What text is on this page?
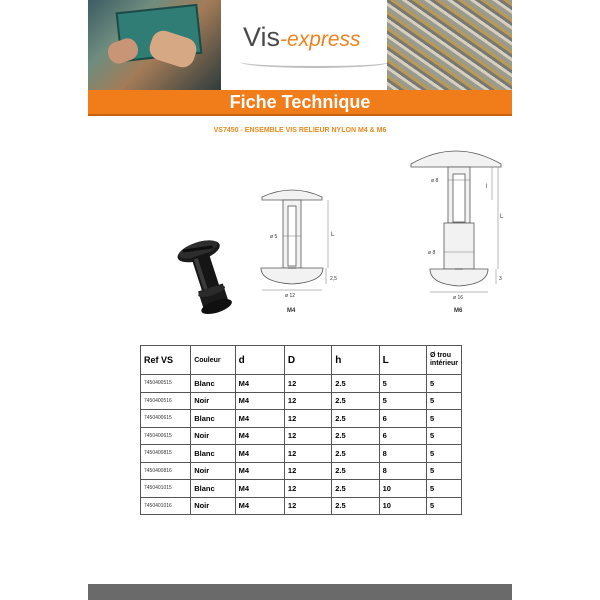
Vis-express
Fiche Technique
VS7450 - ENSEMBLE VIS RELIEUR NYLON M4 & M6
ø 5	L
2,5
ø 12
M4
ø 8
l
L
ø 8
3
ø 16
M6
Ref VS	Couleur	d	D	h	L	Ø trou
intérieur
7450400515	Blanc	M4	12	2.5	5	5
7450400516	Noir	M4	12	2.5	5	5
7450400615	Blanc	M4	12	2.5	6	5
7450400615	Noir	M4	12	2.5	6	5
7450400815	Blanc	M4	12	2.5	8	5
7450400816	Noir	M4	12	2.5	8	5
7450401015	Blanc	M4	12	2.5	10	5
7450401016	Noir	M4	12	2.5	10	5
